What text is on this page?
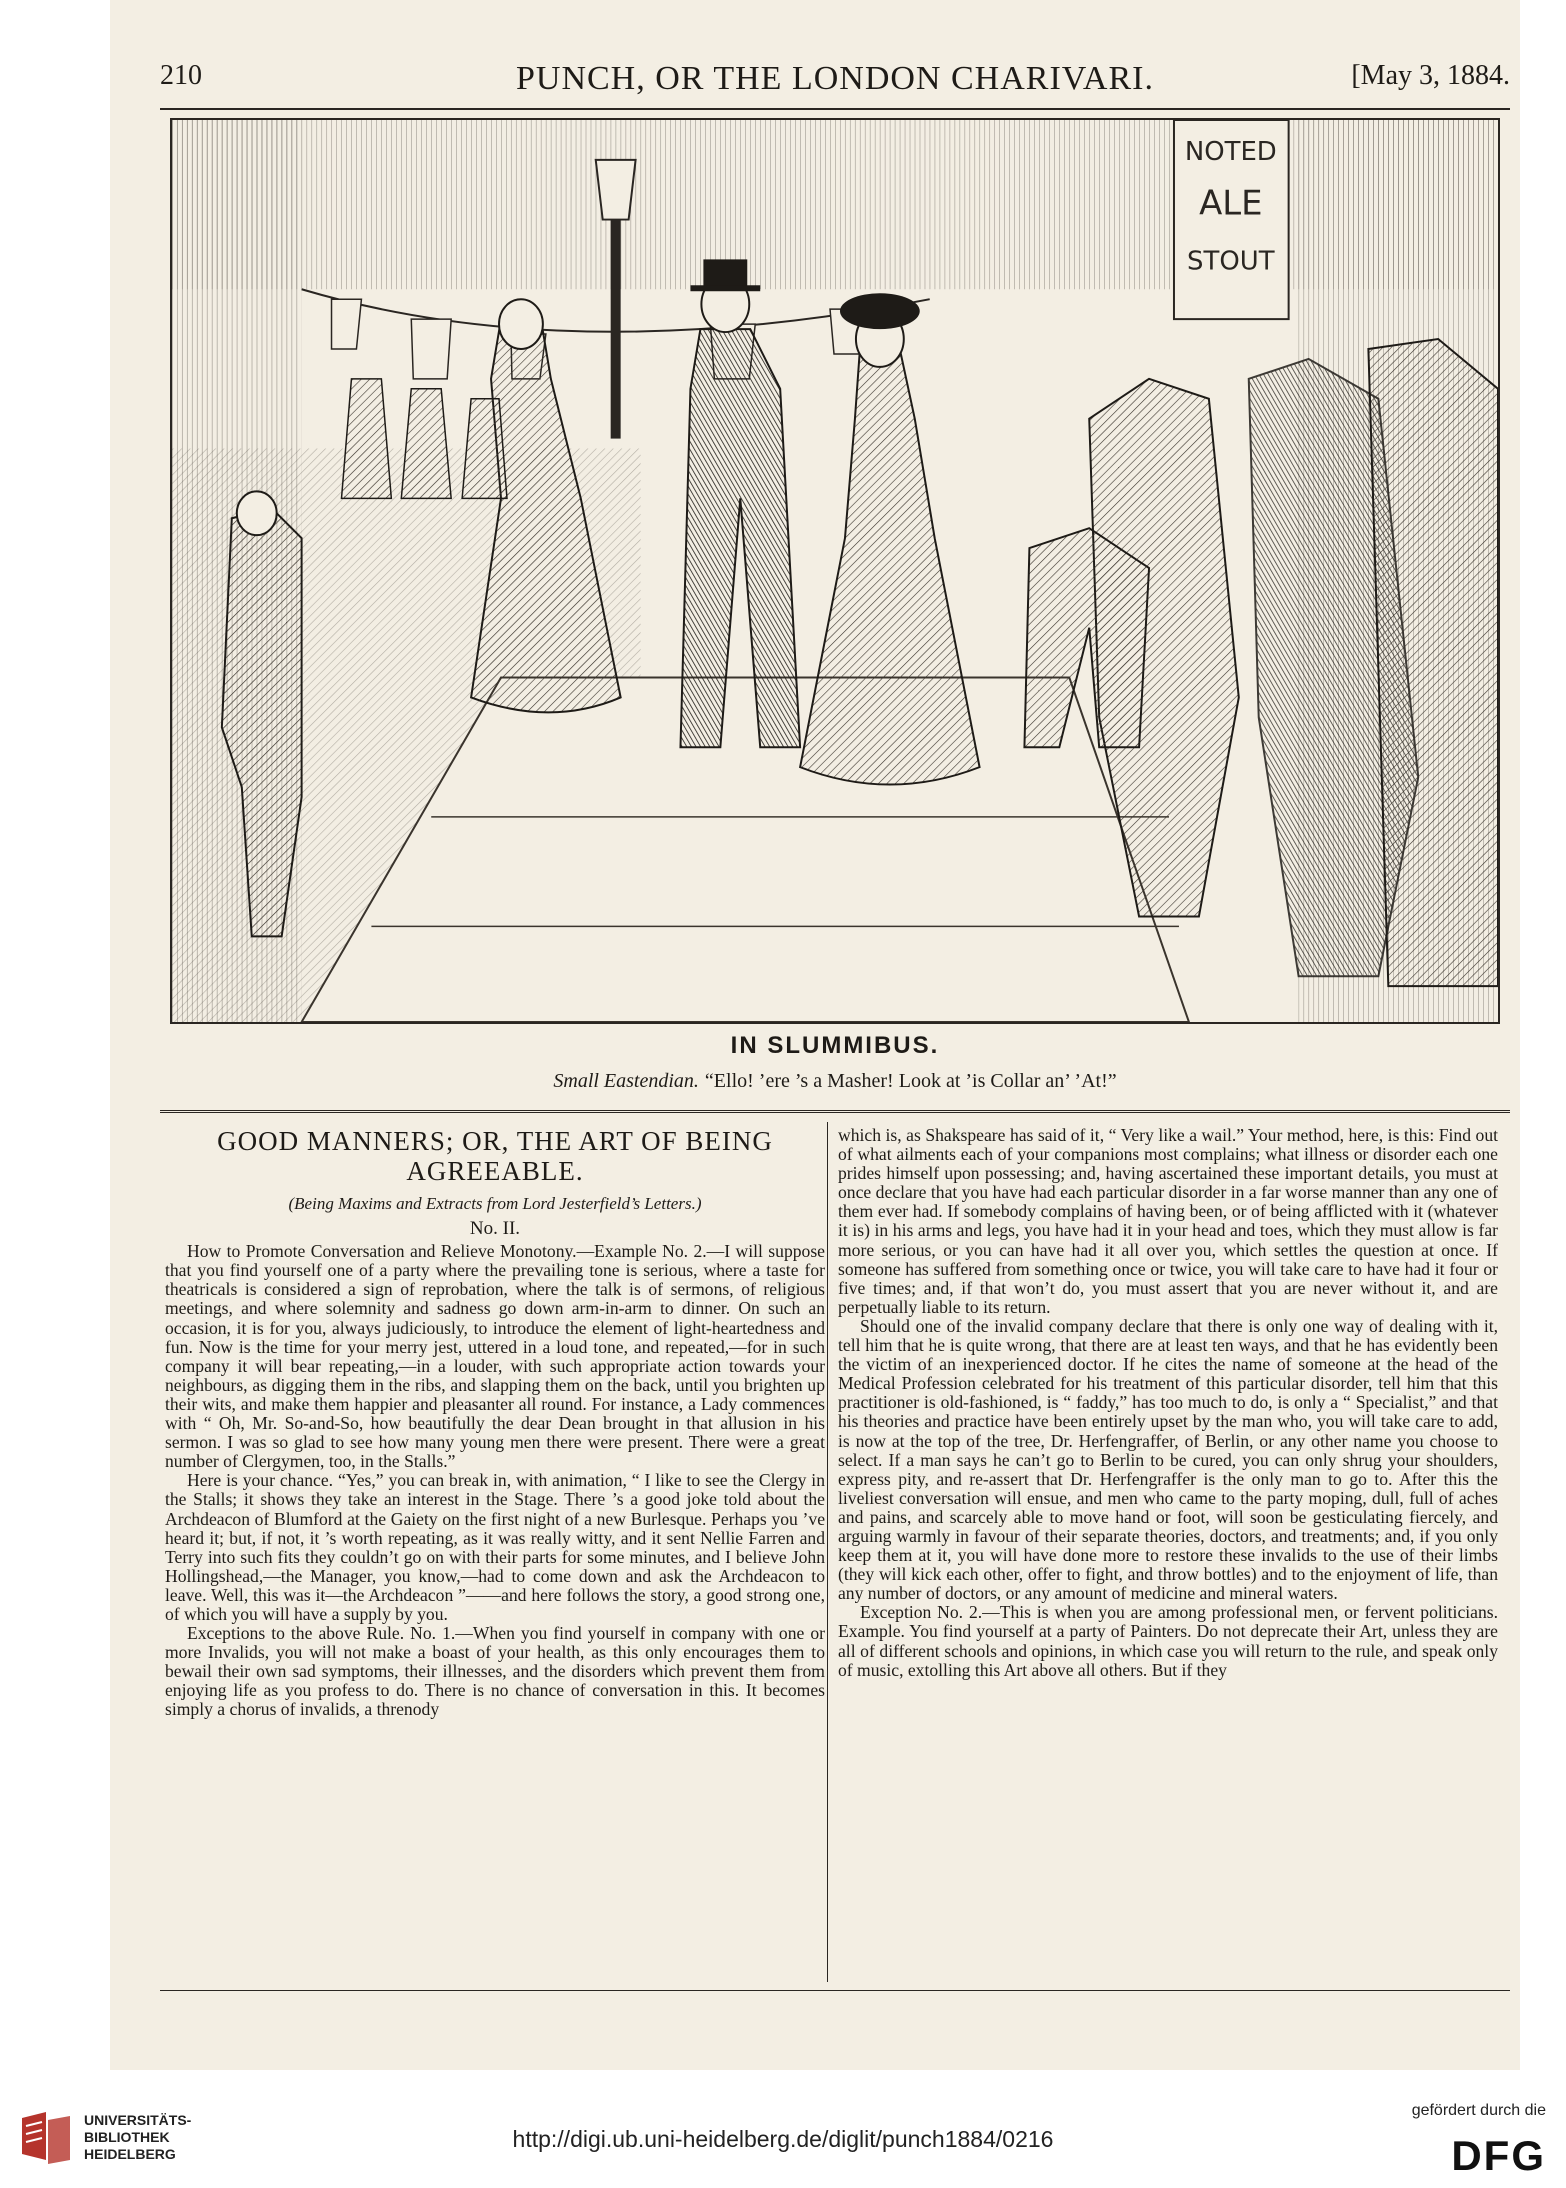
210	PUNCH, OR THE LONDON CHARIVARI.	[May 3, 1884.
NOTED
ALE
STOUT
IN SLUMMIBUS.
Small Eastendian. “Ello! ’ere ’s a Masher! Look at ’is Collar an’ ’At!”
GOOD MANNERS; OR, THE ART OF BEING AGREEABLE.
(Being Maxims and Extracts from Lord Jesterfield’s Letters.)
No. II.

How to Promote Conversation and Relieve Monotony.—Example No. 2.—I will suppose that you find yourself one of a party where the prevailing tone is serious, where a taste for theatricals is considered a sign of reprobation, where the talk is of sermons, of religious meetings, and where solemnity and sadness go down arm-in-arm to dinner. On such an occasion, it is for you, always judiciously, to introduce the element of light-heartedness and fun. Now is the time for your merry jest, uttered in a loud tone, and repeated,—for in such company it will bear repeating,—in a louder, with such appropriate action towards your neighbours, as digging them in the ribs, and slapping them on the back, until you brighten up their wits, and make them happier and pleasanter all round. For instance, a Lady commences with “ Oh, Mr. So-and-So, how beautifully the dear Dean brought in that allusion in his sermon. I was so glad to see how many young men there were present. There were a great number of Clergymen, too, in the Stalls.”

Here is your chance. “Yes,” you can break in, with animation, “ I like to see the Clergy in the Stalls; it shows they take an interest in the Stage. There ’s a good joke told about the Archdeacon of Blumford at the Gaiety on the first night of a new Burlesque. Perhaps you ’ve heard it; but, if not, it ’s worth repeating, as it was really witty, and it sent Nellie Farren and Terry into such fits they couldn’t go on with their parts for some minutes, and I believe John Hollingshead,—the Manager, you know,—had to come down and ask the Archdeacon to leave. Well, this was it—the Archdeacon ”——and here follows the story, a good strong one, of which you will have a supply by you.

Exceptions to the above Rule. No. 1.—When you find yourself in company with one or more Invalids, you will not make a boast of your health, as this only encourages them to bewail their own sad symptoms, their illnesses, and the disorders which prevent them from enjoying life as you profess to do. There is no chance of conversation in this. It becomes simply a chorus of invalids, a threnody

which is, as Shakspeare has said of it, “ Very like a wail.” Your method, here, is this: Find out of what ailments each of your companions most complains; what illness or disorder each one prides himself upon possessing; and, having ascertained these important details, you must at once declare that you have had each particular disorder in a far worse manner than any one of them ever had. If somebody complains of having been, or of being afflicted with it (whatever it is) in his arms and legs, you have had it in your head and toes, which they must allow is far more serious, or you can have had it all over you, which settles the question at once. If someone has suffered from something once or twice, you will take care to have had it four or five times; and, if that won’t do, you must assert that you are never without it, and are perpetually liable to its return.

Should one of the invalid company declare that there is only one way of dealing with it, tell him that he is quite wrong, that there are at least ten ways, and that he has evidently been the victim of an inexperienced doctor. If he cites the name of someone at the head of the Medical Profession celebrated for his treatment of this particular disorder, tell him that this practitioner is old-fashioned, is “ faddy,” has too much to do, is only a “ Specialist,” and that his theories and practice have been entirely upset by the man who, you will take care to add, is now at the top of the tree, Dr. Herfengraffer, of Berlin, or any other name you choose to select. If a man says he can’t go to Berlin to be cured, you can only shrug your shoulders, express pity, and re-assert that Dr. Herfengraffer is the only man to go to. After this the liveliest conversation will ensue, and men who came to the party moping, dull, full of aches and pains, and scarcely able to move hand or foot, will soon be gesticulating fiercely, and arguing warmly in favour of their separate theories, doctors, and treatments; and, if you only keep them at it, you will have done more to restore these invalids to the use of their limbs (they will kick each other, offer to fight, and throw bottles) and to the enjoyment of life, than any number of doctors, or any amount of medicine and mineral waters.

Exception No. 2.—This is when you are among professional men, or fervent politicians. Example. You find yourself at a party of Painters. Do not deprecate their Art, unless they are all of different schools and opinions, in which case you will return to the rule, and speak only of music, extolling this Art above all others. But if they

UNIVERSITÄTS-
BIBLIOTHEK
HEIDELBERG
http://digi.ub.uni-heidelberg.de/diglit/punch1884/0216
gefördert durch die
DFG
